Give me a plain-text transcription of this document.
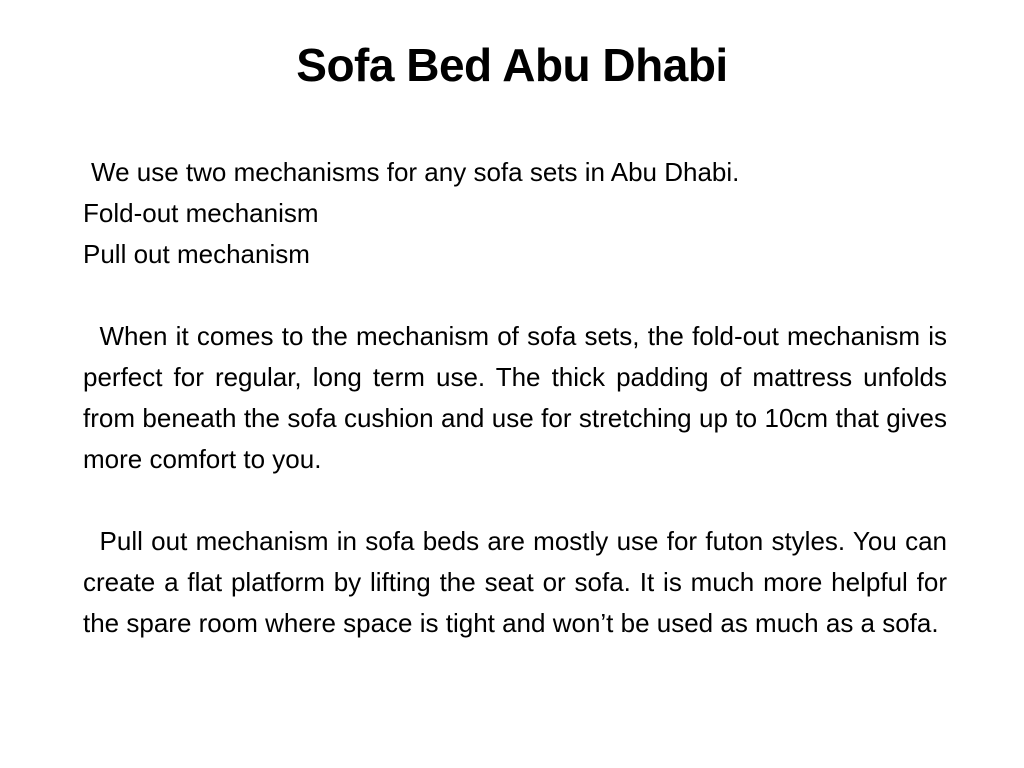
Sofa Bed Abu Dhabi

We use two mechanisms for any sofa sets in Abu Dhabi.

Fold-out mechanism

Pull out mechanism

When it comes to the mechanism of sofa sets, the fold-out mechanism is perfect for regular, long term use. The thick padding of mattress unfolds from beneath the sofa cushion and use for stretching up to 10cm that gives more comfort to you.

Pull out mechanism in sofa beds are mostly use for futon styles. You can create a flat platform by lifting the seat or sofa. It is much more helpful for the spare room where space is tight and won’t be used as much as a sofa.
